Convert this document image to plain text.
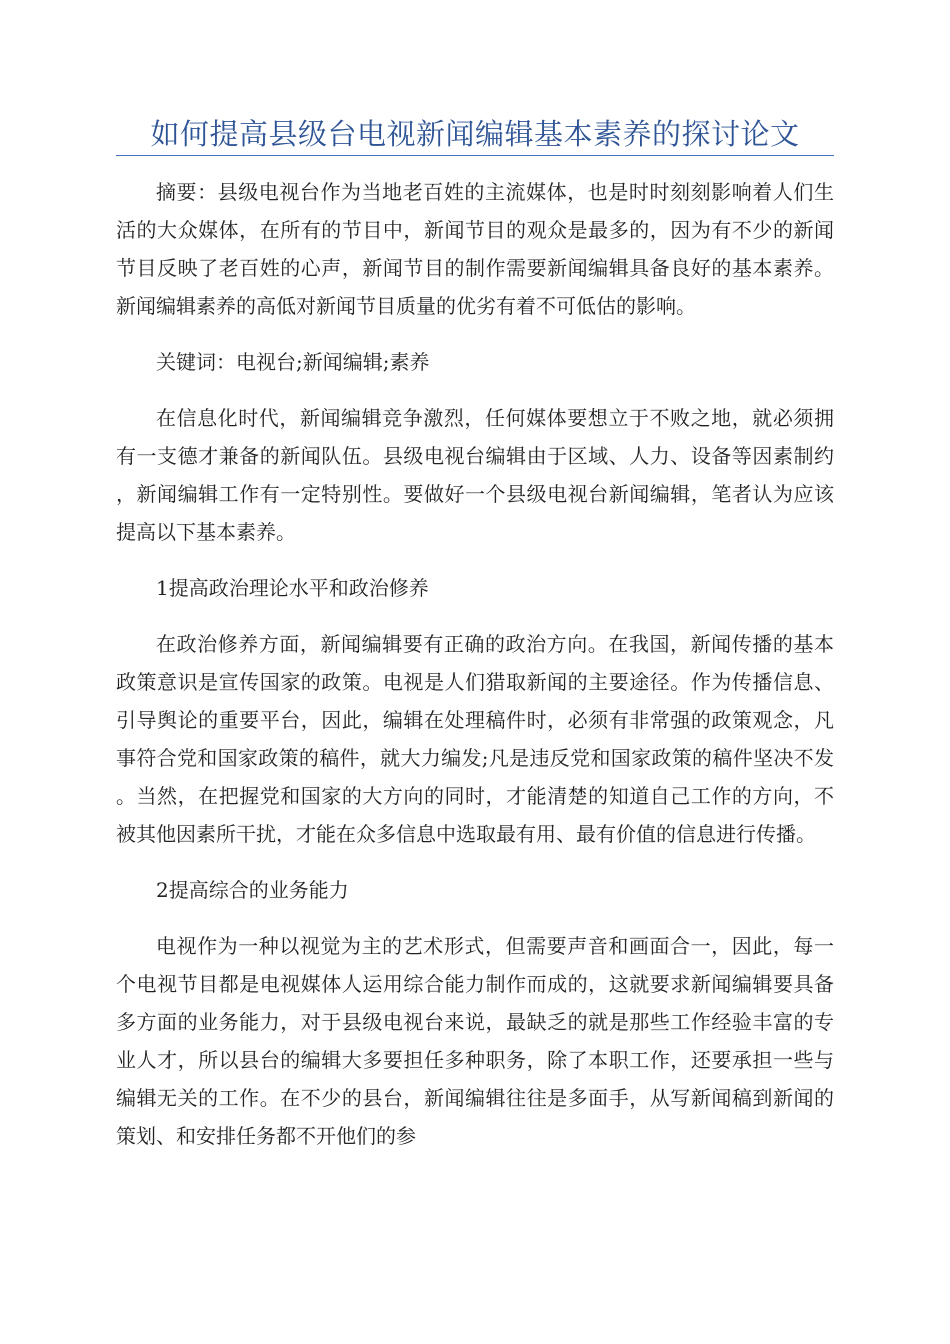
如何提高县级台电视新闻编辑基本素养的探讨论文

摘要：县级电视台作为当地老百姓的主流媒体，也是时时刻刻影响着人们生活的大众媒体，在所有的节目中，新闻节目的观众是最多的，因为有不少的新闻节目反映了老百姓的心声，新闻节目的制作需要新闻编辑具备良好的基本素养。新闻编辑素养的高低对新闻节目质量的优劣有着不可低估的影响。

关键词：电视台;新闻编辑;素养

在信息化时代，新闻编辑竞争激烈，任何媒体要想立于不败之地，就必须拥有一支德才兼备的新闻队伍。县级电视台编辑由于区域、人力、设备等因素制约，新闻编辑工作有一定特别性。要做好一个县级电视台新闻编辑，笔者认为应该提高以下基本素养。

1提高政治理论水平和政治修养

在政治修养方面，新闻编辑要有正确的政治方向。在我国，新闻传播的基本政策意识是宣传国家的政策。电视是人们猎取新闻的主要途径。作为传播信息、引导舆论的重要平台，因此，编辑在处理稿件时，必须有非常强的政策观念，凡事符合党和国家政策的稿件，就大力编发;凡是违反党和国家政策的稿件坚决不发。当然，在把握党和国家的大方向的同时，才能清楚的知道自己工作的方向，不被其他因素所干扰，才能在众多信息中选取最有用、最有价值的信息进行传播。

2提高综合的业务能力

电视作为一种以视觉为主的艺术形式，但需要声音和画面合一，因此，每一个电视节目都是电视媒体人运用综合能力制作而成的，这就要求新闻编辑要具备多方面的业务能力，对于县级电视台来说，最缺乏的就是那些工作经验丰富的专业人才，所以县台的编辑大多要担任多种职务，除了本职工作，还要承担一些与编辑无关的工作。在不少的县台，新闻编辑往往是多面手，从写新闻稿到新闻的策划、和安排任务都不开他们的参
